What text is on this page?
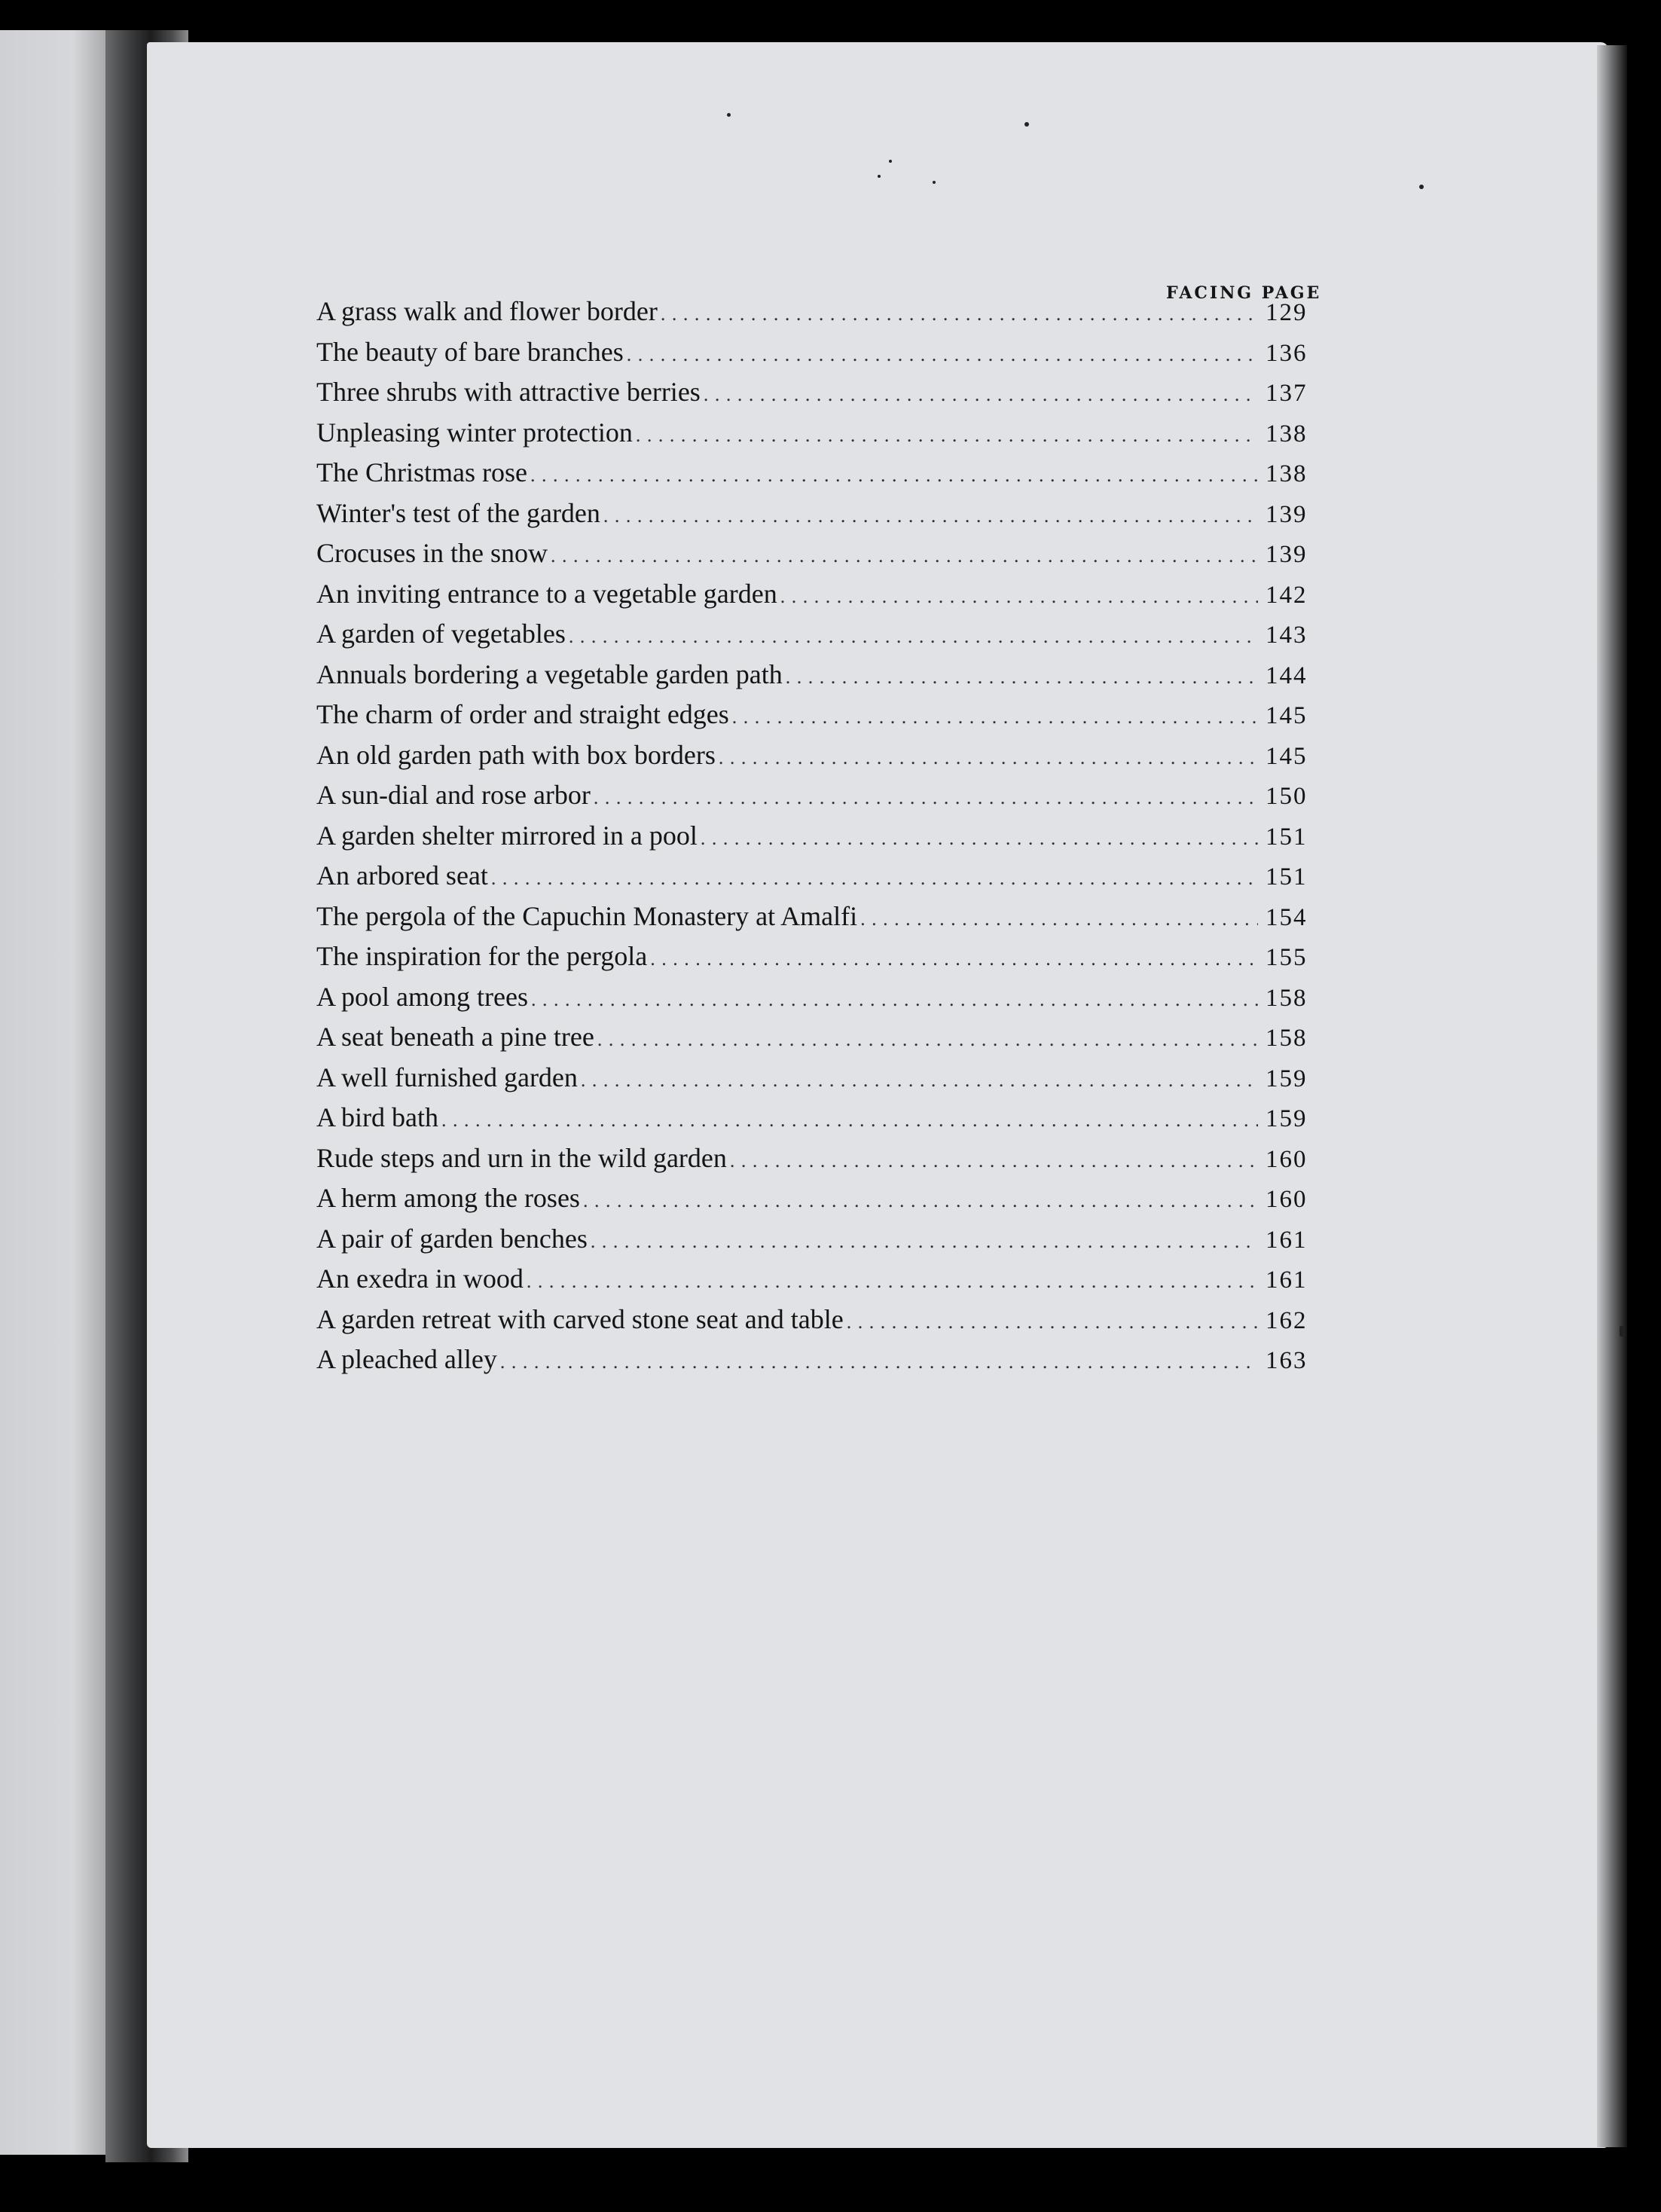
FACING PAGE

A grass walk and flower border . . .	129
The beauty of bare branches . . .	136
Three shrubs with attractive berries . . .	137
Unpleasing winter protection . . .	138
The Christmas rose . . .	138
Winter's test of the garden . . .	139
Crocuses in the snow . . .	139
An inviting entrance to a vegetable garden . . .	142
A garden of vegetables . . .	143
Annuals bordering a vegetable garden path . . .	144
The charm of order and straight edges . . .	145
An old garden path with box borders . . .	145
A sun-dial and rose arbor . . .	150
A garden shelter mirrored in a pool . . .	151
An arbored seat . . .	151
The pergola of the Capuchin Monastery at Amalfi . . .	154
The inspiration for the pergola . . .	155
A pool among trees . . .	158
A seat beneath a pine tree . . .	158
A well furnished garden . . .	159
A bird bath . . .	159
Rude steps and urn in the wild garden . . .	160
A herm among the roses . . .	160
A pair of garden benches . . .	161
An exedra in wood . . .	161
A garden retreat with carved stone seat and table . . .	162
A pleached alley . . .	163
